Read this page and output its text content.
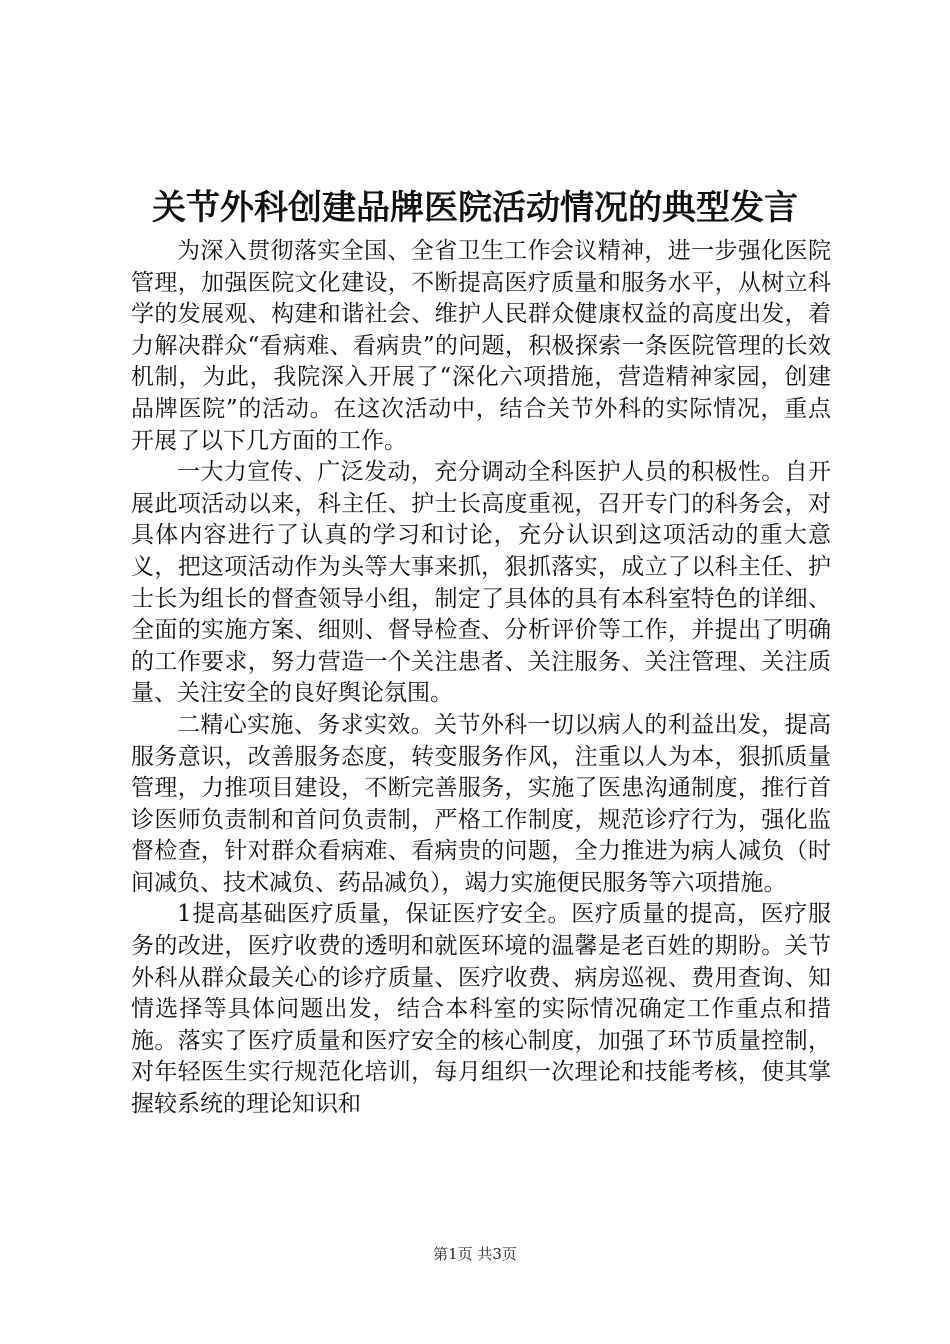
关节外科创建品牌医院活动情况的典型发言

为深入贯彻落实全国、全省卫生工作会议精神，进一步强化医院管理，加强医院文化建设，不断提高医疗质量和服务水平，从树立科学的发展观、构建和谐社会、维护人民群众健康权益的高度出发，着力解决群众“看病难、看病贵”的问题，积极探索一条医院管理的长效机制，为此，我院深入开展了“深化六项措施，营造精神家园，创建品牌医院”的活动。在这次活动中，结合关节外科的实际情况，重点开展了以下几方面的工作。

一大力宣传、广泛发动，充分调动全科医护人员的积极性。自开展此项活动以来，科主任、护士长高度重视，召开专门的科务会，对具体内容进行了认真的学习和讨论，充分认识到这项活动的重大意义，把这项活动作为头等大事来抓，狠抓落实，成立了以科主任、护士长为组长的督查领导小组，制定了具体的具有本科室特色的详细、全面的实施方案、细则、督导检查、分析评价等工作，并提出了明确的工作要求，努力营造一个关注患者、关注服务、关注管理、关注质量、关注安全的良好舆论氛围。

二精心实施、务求实效。关节外科一切以病人的利益出发，提高服务意识，改善服务态度，转变服务作风，注重以人为本，狠抓质量管理，力推项目建设，不断完善服务，实施了医患沟通制度，推行首诊医师负责制和首问负责制，严格工作制度，规范诊疗行为，强化监督检查，针对群众看病难、看病贵的问题，全力推进为病人减负（时间减负、技术减负、药品减负），竭力实施便民服务等六项措施。

1提高基础医疗质量，保证医疗安全。医疗质量的提高，医疗服务的改进，医疗收费的透明和就医环境的温馨是老百姓的期盼。关节外科从群众最关心的诊疗质量、医疗收费、病房巡视、费用查询、知情选择等具体问题出发，结合本科室的实际情况确定工作重点和措施。落实了医疗质量和医疗安全的核心制度，加强了环节质量控制，对年轻医生实行规范化培训，每月组织一次理论和技能考核，使其掌握较系统的理论知识和

第1页 共3页
